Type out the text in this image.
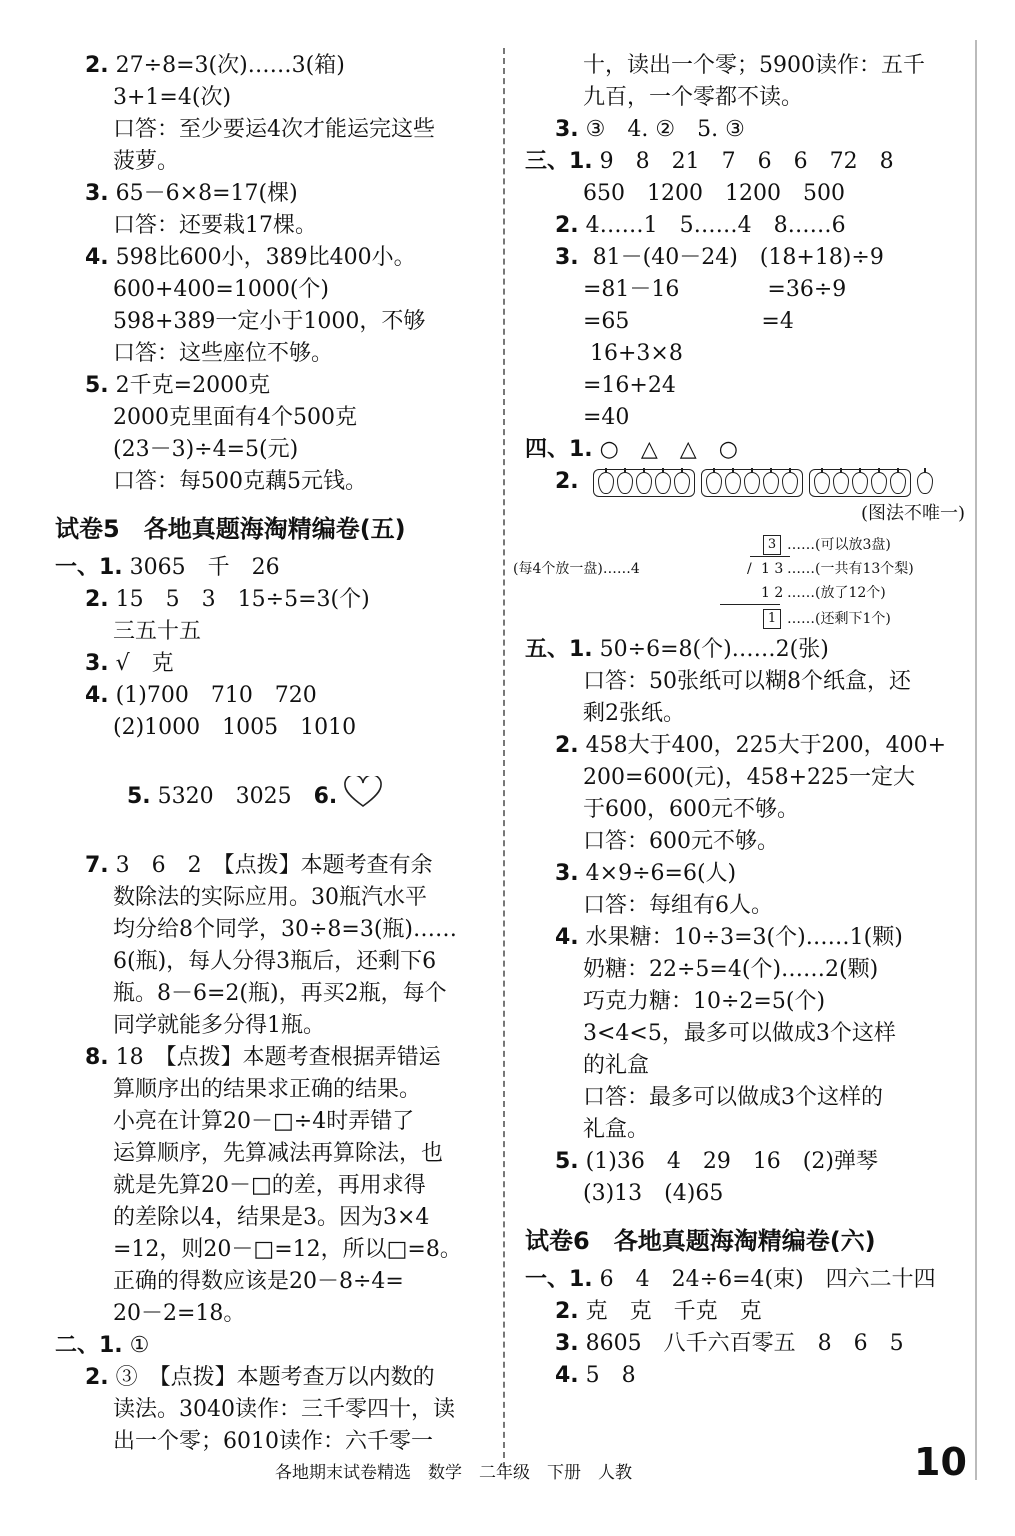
2. 27÷8=3(次)……3(箱)
3+1=4(次)
口答：至少要运4次才能运完这些
菠萝。
3. 65－6×8=17(棵)
口答：还要栽17棵。
4. 598比600小，389比400小。
600+400=1000(个)
598+389一定小于1000，不够
口答：这些座位不够。
5. 2千克=2000克
2000克里面有4个500克
(23－3)÷4=5(元)
口答：每500克藕5元钱。
试卷5　各地真题海淘精编卷(五)
一、1. 3065　千　26
2. 15　5　3　15÷5=3(个)
三五十五
3. √　克
4. (1)700　710　720
(2)1000　1005　1010

5. 5320　3025　6.

7. 3　6　2　【点拨】本题考查有余
数除法的实际应用。30瓶汽水平
均分给8个同学，30÷8=3(瓶)……
6(瓶)，每人分得3瓶后，还剩下6
瓶。8－6=2(瓶)，再买2瓶，每个
同学就能多分得1瓶。
8. 18　【点拨】本题考查根据弄错运
算顺序出的结果求正确的结果。
小亮在计算20－□÷4时弄错了
运算顺序，先算减法再算除法，也
就是先算20－□的差，再用求得
的差除以4，结果是3。因为3×4
=12，则20－□=12，所以□=8。
正确的得数应该是20－8÷4=
20－2=18。
二、1. ①
2. ③　【点拨】本题考查万以内数的
读法。3040读作：三千零四十，读
出一个零；6010读作：六千零一
十，读出一个零；5900读作：五千
九百，一个零都不读。
3. ③　4. ②　5. ③
三、1. 9　8　21　7　6　6　72　8
650　1200　1200　500
2. 4……1　5……4　8……6
3.  81－(40－24)　(18+18)÷9
=81－16　　　　=36÷9
=65　　　　　　=4
16+3×8
=16+24
=40
四、1. ○　△　△　○
2.
(图法不唯一)
3 ……(可以放3盘)
(每4个放一盘)……4	/ 1 3 ……(一共有13个梨)
1 2 ……(放了12个)
1 ……(还剩下1个)
五、1. 50÷6=8(个)……2(张)
口答：50张纸可以糊8个纸盒，还
剩2张纸。
2. 458大于400，225大于200，400+
200=600(元)，458+225一定大
于600，600元不够。
口答：600元不够。
3. 4×9÷6=6(人)
口答：每组有6人。
4. 水果糖：10÷3=3(个)……1(颗)
奶糖：22÷5=4(个)……2(颗)
巧克力糖：10÷2=5(个)
3<4<5，最多可以做成3个这样
的礼盒
口答：最多可以做成3个这样的
礼盒。
5. (1)36　4　29　16　(2)弹琴
(3)13　(4)65
试卷6　各地真题海淘精编卷(六)
一、1. 6　4　24÷6=4(束)　四六二十四
2. 克　克　千克　克
3. 8605　八千六百零五　8　6　5
4. 5　8
各地期末试卷精选　数学　二年级　下册　人教	10
